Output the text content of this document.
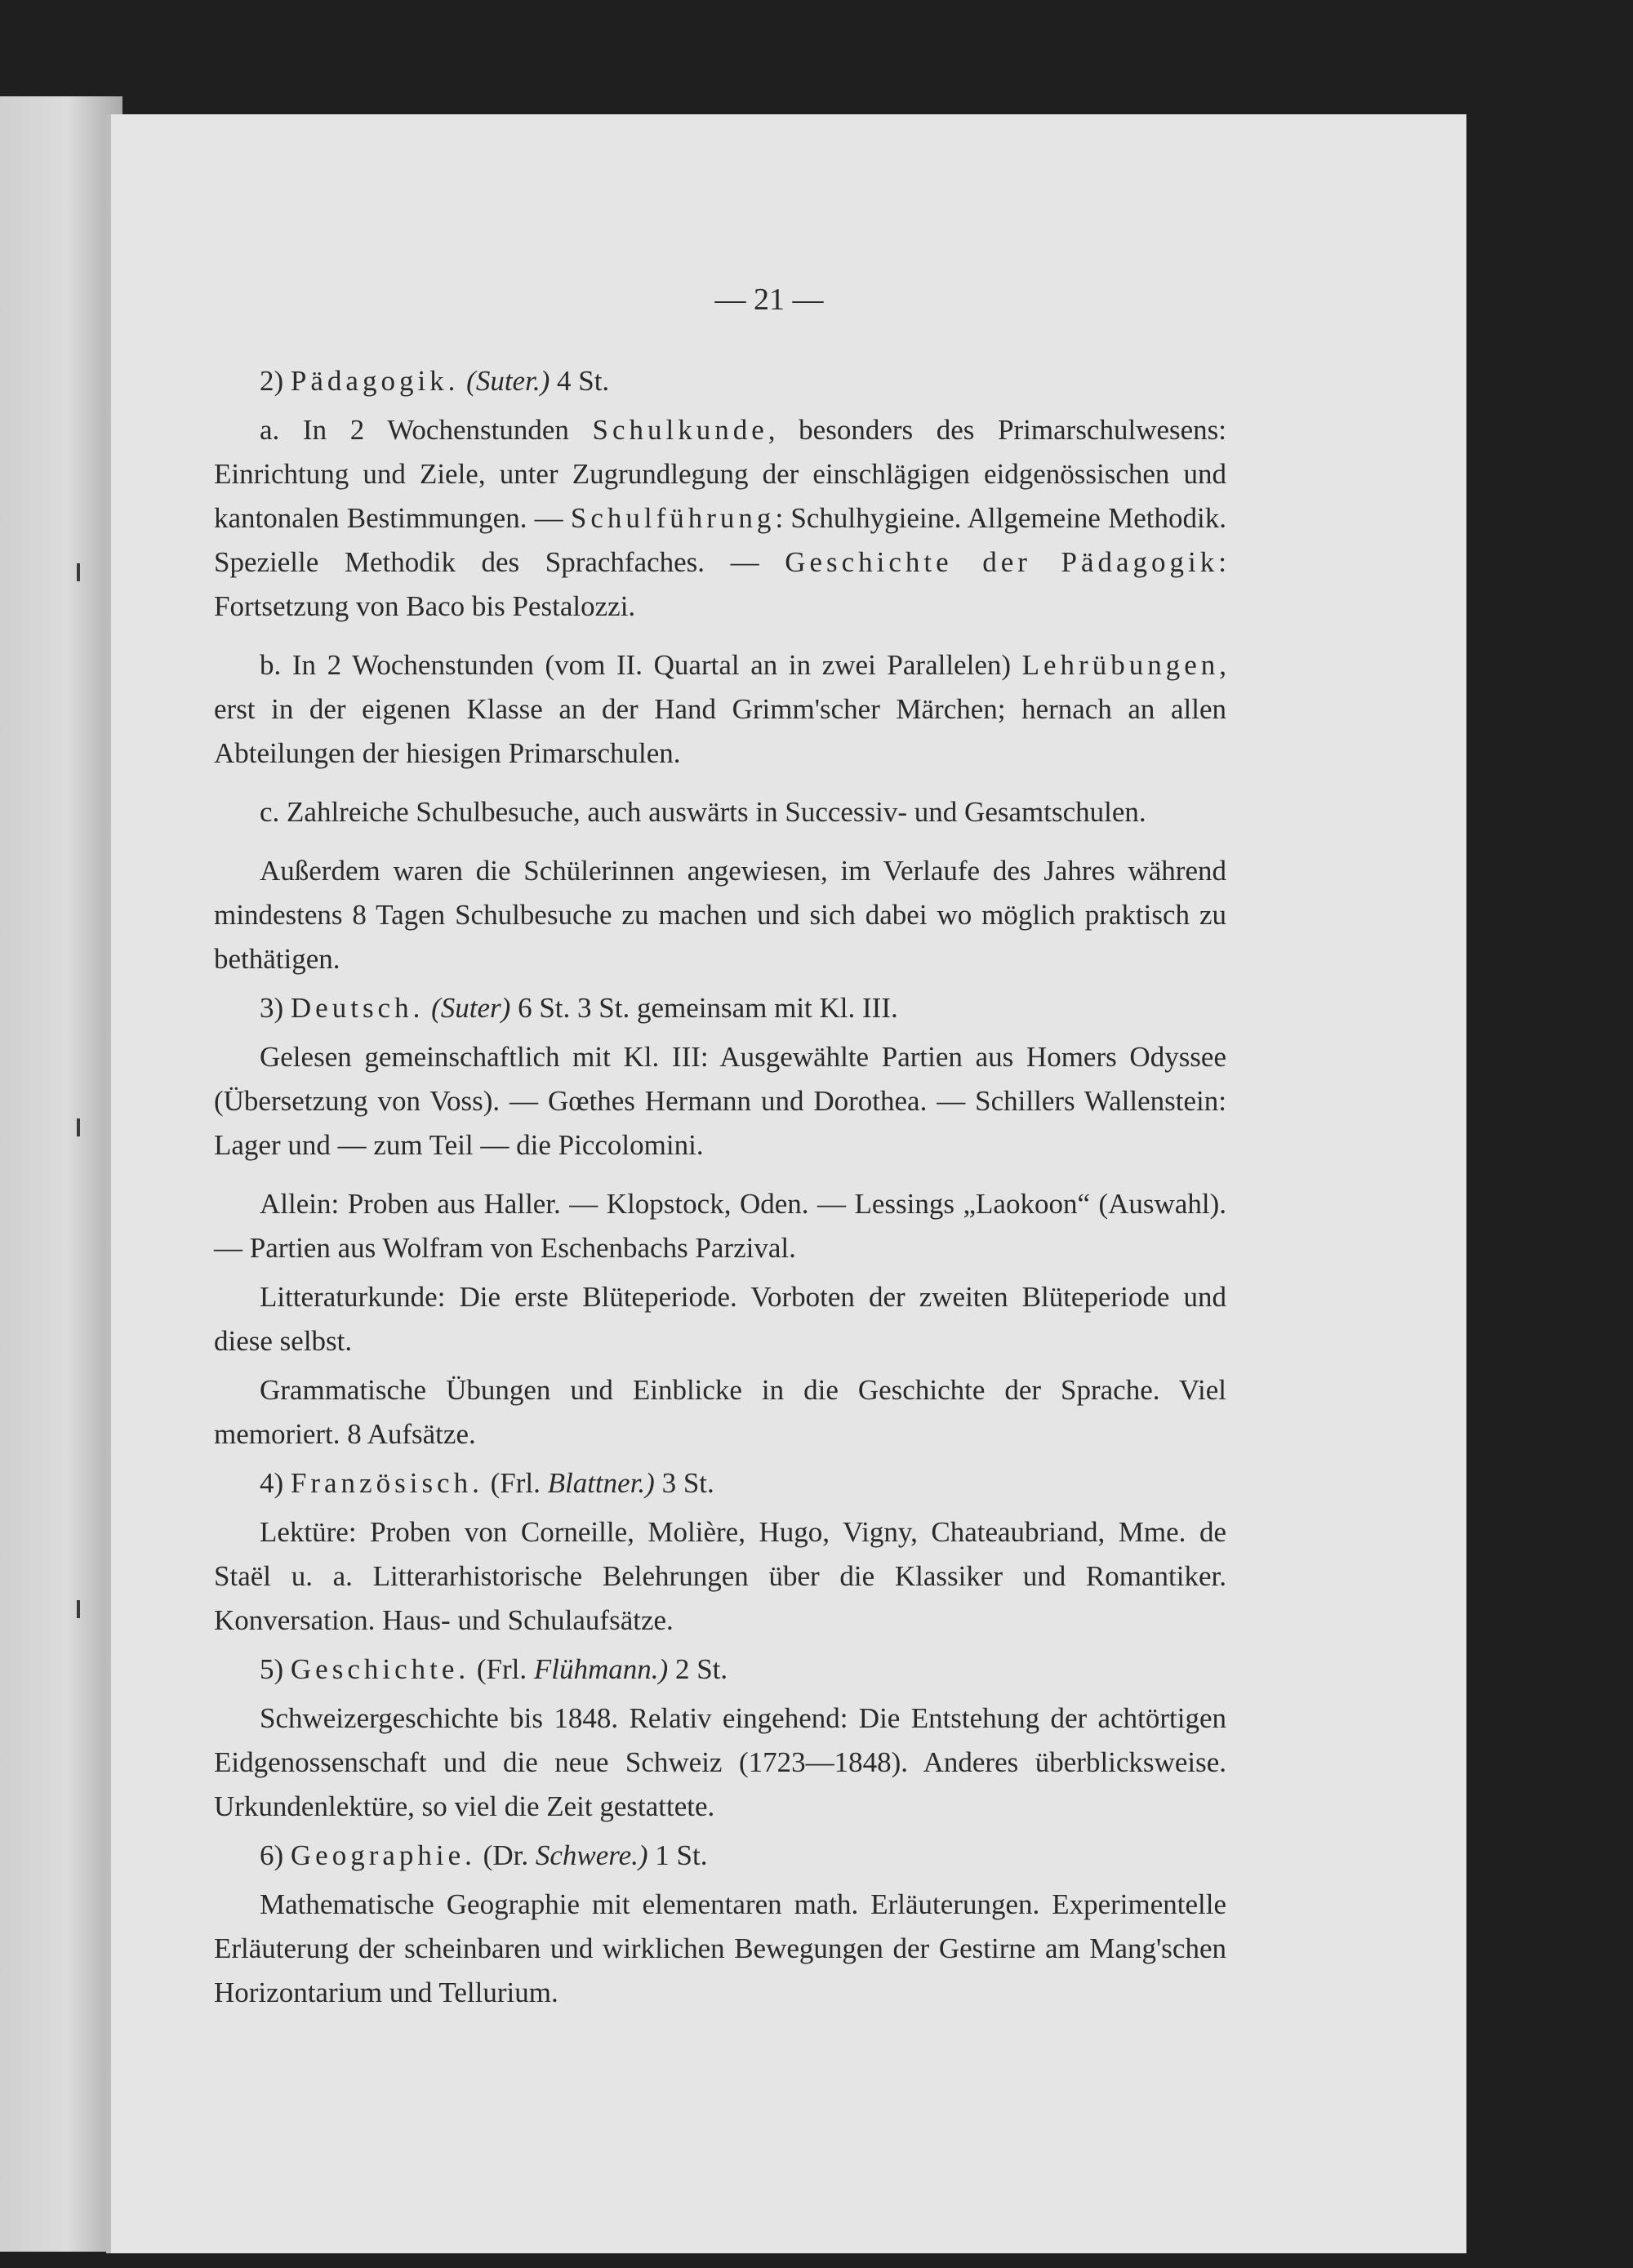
— 21 —

2) Pädagogik. (Suter.) 4 St.

a. In 2 Wochenstunden Schulkunde, besonders des Primarschulwesens: Einrichtung und Ziele, unter Zugrundlegung der einschlägigen eidgenössischen und kantonalen Bestimmungen. — Schulführung: Schulhygieine. Allgemeine Methodik. Spezielle Methodik des Sprachfaches. — Geschichte der Pädagogik: Fortsetzung von Baco bis Pestalozzi.

b. In 2 Wochenstunden (vom II. Quartal an in zwei Parallelen) Lehrübungen, erst in der eigenen Klasse an der Hand Grimm'scher Märchen; hernach an allen Abteilungen der hiesigen Primarschulen.

c. Zahlreiche Schulbesuche, auch auswärts in Successiv- und Gesamtschulen.

Außerdem waren die Schülerinnen angewiesen, im Verlaufe des Jahres während mindestens 8 Tagen Schulbesuche zu machen und sich dabei wo möglich praktisch zu bethätigen.

3) Deutsch. (Suter) 6 St. 3 St. gemeinsam mit Kl. III.

Gelesen gemeinschaftlich mit Kl. III: Ausgewählte Partien aus Homers Odyssee (Übersetzung von Voss). — Gœthes Hermann und Dorothea. — Schillers Wallenstein: Lager und — zum Teil — die Piccolomini.

Allein: Proben aus Haller. — Klopstock, Oden. — Lessings „Laokoon“ (Auswahl). — Partien aus Wolfram von Eschenbachs Parzival.

Litteraturkunde: Die erste Blüteperiode. Vorboten der zweiten Blüteperiode und diese selbst.

Grammatische Übungen und Einblicke in die Geschichte der Sprache. Viel memoriert. 8 Aufsätze.

4) Französisch. (Frl. Blattner.) 3 St.

Lektüre: Proben von Corneille, Molière, Hugo, Vigny, Chateaubriand, Mme. de Staël u. a. Litterarhistorische Belehrungen über die Klassiker und Romantiker. Konversation. Haus- und Schulaufsätze.

5) Geschichte. (Frl. Flühmann.) 2 St.

Schweizergeschichte bis 1848. Relativ eingehend: Die Entstehung der achtörtigen Eidgenossenschaft und die neue Schweiz (1723—1848). Anderes überblicksweise. Urkundenlektüre, so viel die Zeit gestattete.

6) Geographie. (Dr. Schwere.) 1 St.

Mathematische Geographie mit elementaren math. Erläuterungen. Experimentelle Erläuterung der scheinbaren und wirklichen Bewegungen der Gestirne am Mang'schen Horizontarium und Tellurium.
